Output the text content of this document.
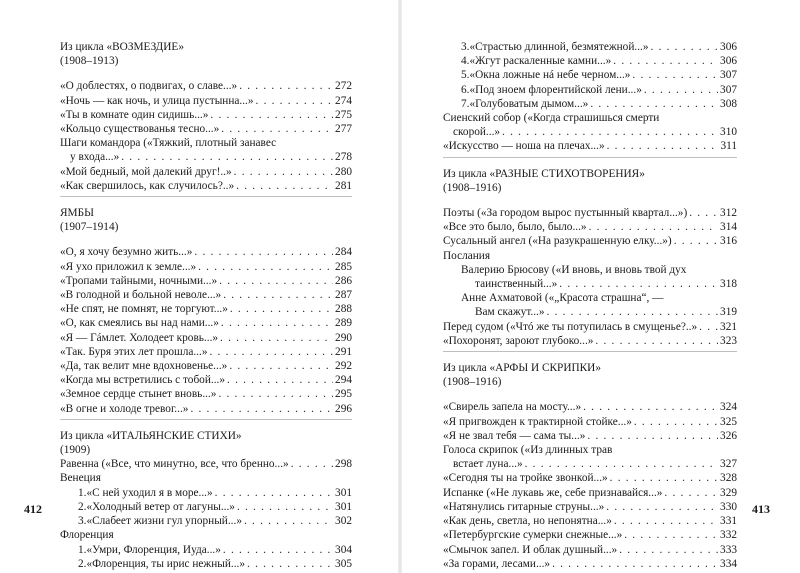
Из цикла «ВОЗМЕЗДИЕ»
(1908–1913)
«О доблестях, о подвигах, о славе...» . . .	272
«Ночь — как ночь, и улица пустынна...» . . .	274
«Ты в комнате один сидишь...» . . .	275
«Кольцо существованья тесно...» . . .	277
Шаги командора («Тяжкий, плотный занавес
у входа...» . . .	278
«Мой бедный, мой далекий друг!..» . . .	280
«Как свершилось, как случилось?..» . . .	281
ЯМБЫ
(1907–1914)
«О, я хочу безумно жить...» . . .	284
«Я ухо приложил к земле...» . . .	285
«Тропами тайными, ночными...» . . .	286
«В голодной и больной неволе...» . . .	287
«Не спят, не помнят, не торгуют...» . . .	288
«О, как смеялись вы над нами...» . . .	289
«Я — Гáмлет. Холодеет кровь...» . . .	290
«Так. Буря этих лет прошла...» . . .	291
«Да, так велит мне вдохновенье...» . . .	292
«Когда мы встретились с тобой...» . . .	294
«Земное сердце стынет вновь...» . . .	295
«В огне и холоде тревог...» . . .	296
Из цикла «ИТАЛЬЯНСКИЕ СТИХИ»
(1909)
Равенна («Все, что минутно, все, что бренно...» . . .	298
Венеция
1. «С ней уходил я в море...» . . .	301
2. «Холодный ветер от лагуны...» . . .	301
3. «Слабеет жизни гул упорный...» . . .	302
Флоренция
1. «Умри, Флоренция, Иуда...» . . .	304
2. «Флоренция, ты ирис нежный...» . . .	305
3. «Страстью длинной, безмятежной...» . . .	306
4. «Жгут раскаленные камни...» . . .	306
5. «Окна ложные нá небе черном...» . . .	307
6. «Под зноем флорентийской лени...» . . .	307
7. «Голубоватым дымом...» . . .	308
Сиенский собор («Когда страшишься смерти
скорой...» . . .	310
«Искусство — ноша на плечах...» . . .	311
Из цикла «РАЗНЫЕ СТИХОТВОРЕНИЯ»
(1908–1916)
Поэты («За городом вырос пустынный квартал...») . . .	312
«Все это было, было, было...» . . .	314
Сусальный ангел («На разукрашенную елку...») . . .	316
Послания
Валерию Брюсову («И вновь, и вновь твой дух
таинственный...» . . .	318
Анне Ахматовой («„Красота страшна“, —
Вам скажут...» . . .	319
Перед судом («Чтó же ты потупилась в смущенье?..» . . . 321
«Похоронят, зароют глубоко...» . . .	323
Из цикла «АРФЫ И СКРИПКИ»
(1908–1916)
«Свирель запела на мосту...» . . .	324
«Я пригвожден к трактирной стойке...» . . .	325
«Я не звал тебя — сама ты...» . . .	326
Голоса скрипок («Из длинных трав
встает луна...» . . .	327
«Сегодня ты на тройке звонкой...» . . .	328
Испанке («Не лукавь же, себе признавайся...» . . .	329
«Натянулись гитарные струны...» . . .	330
«Как день, светла, но непонятна...» . . .	331
«Петербургские сумерки снежные...» . . .	332
«Смычок запел. И облак душный...» . . .	333
«За горами, лесами...» . . .	334
412	413
